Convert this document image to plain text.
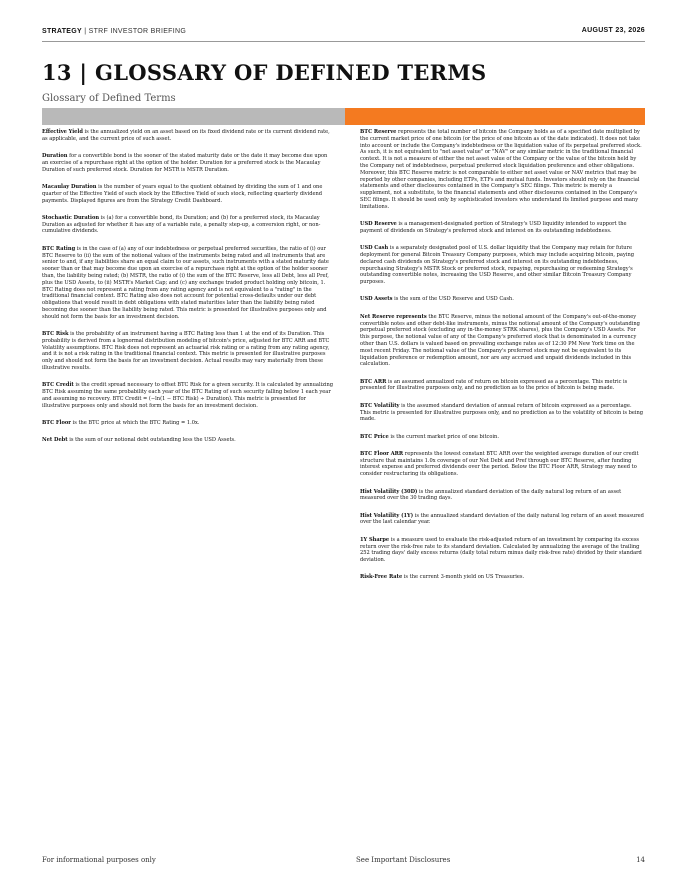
STRATEGY | STRF INVESTOR BRIEFING	AUGUST 23, 2026
13 | GLOSSARY OF DEFINED TERMS
Glossary of Defined Terms

Effective Yield is the annualized yield on an asset based on its fixed dividend rate or its current dividend rate, as applicable, and the current price of such asset.

Duration for a convertible bond is the sooner of the stated maturity date or the date it may become due upon an exercise of a repurchase right at the option of the holder. Duration for a preferred stock is the Macaulay Duration of such preferred stock. Duration for MSTR is MSTR Duration.

Macaulay Duration is the number of years equal to the quotient obtained by dividing the sum of 1 and one quarter of the Effective Yield of such stock by the Effective Yield of such stock, reflecting quarterly dividend payments. Displayed figures are from the Strategy Credit Dashboard.

Stochastic Duration is (a) for a convertible bond, its Duration; and (b) for a preferred stock, its Macaulay Duration as adjusted for whether it has any of a variable rate, a penalty step-up, a conversion right, or non-cumulative dividends.

BTC Rating is in the case of (a) any of our indebtedness or perpetual preferred securities, the ratio of (i) our BTC Reserve to (ii) the sum of the notional values of the instruments being rated and all instruments that are senior to and, if any liabilities share an equal claim to our assets, such instruments with a stated maturity date sooner than or that may become due upon an exercise of a repurchase right at the option of the holder sooner than, the liability being rated; (b) MSTR, the ratio of (i) the sum of the BTC Reserve, less all Debt, less all Pref, plus the USD Assets, to (ii) MSTR's Market Cap; and (c) any exchange traded product holding only bitcoin, 1. BTC Rating does not represent a rating from any rating agency and is not equivalent to a "rating" in the traditional financial context. BTC Rating also does not account for potential cross-defaults under our debt obligations that would result in debt obligations with stated maturities later than the liability being rated becoming due sooner than the liability being rated. This metric is presented for illustrative purposes only and should not form the basis for an investment decision.

BTC Risk is the probability of an instrument having a BTC Rating less than 1 at the end of its Duration. This probability is derived from a lognormal distribution modeling of bitcoin's price, adjusted for BTC ARR and BTC Volatility assumptions. BTC Risk does not represent an actuarial risk rating or a rating from any rating agency, and it is not a risk rating in the traditional financial context. This metric is presented for illustrative purposes only and should not form the basis for an investment decision. Actual results may vary materially from these illustrative results.

BTC Credit is the credit spread necessary to offset BTC Risk for a given security. It is calculated by annualizing BTC Risk assuming the same probability each year of the BTC Rating of such security falling below 1 each year and assuming no recovery. BTC Credit = (−ln(1 − BTC Risk) ÷ Duration). This metric is presented for illustrative purposes only and should not form the basis for an investment decision.

BTC Floor is the BTC price at which the BTC Rating = 1.0x.

Net Debt is the sum of our notional debt outstanding less the USD Assets.

BTC Reserve represents the total number of bitcoin the Company holds as of a specified date multiplied by the current market price of one bitcoin (or the price of one bitcoin as of the date indicated). It does not take into account or include the Company's indebtedness or the liquidation value of its perpetual preferred stock. As such, it is not equivalent to "net asset value" or "NAV" or any similar metric in the traditional financial context. It is not a measure of either the net asset value of the Company or the value of the bitcoin held by the Company net of indebtedness, perpetual preferred stock liquidation preference and other obligations. Moreover, this BTC Reserve metric is not comparable to either net asset value or NAV metrics that may be reported by other companies, including ETPs, ETFs and mutual funds. Investors should rely on the financial statements and other disclosures contained in the Company's SEC filings. This metric is merely a supplement, not a substitute, to the financial statements and other disclosures contained in the Company's SEC filings. It should be used only by sophisticated investors who understand its limited purpose and many limitations.

USD Reserve is a management-designated portion of Strategy's USD liquidity intended to support the payment of dividends on Strategy's preferred stock and interest on its outstanding indebtedness.

USD Cash is a separately designated pool of U.S. dollar liquidity that the Company may retain for future deployment for general Bitcoin Treasury Company purposes, which may include acquiring bitcoin, paying declared cash dividends on Strategy's preferred stock and interest on its outstanding indebtedness, repurchasing Strategy's MSTR Stock or preferred stock, repaying, repurchasing or redeeming Strategy's outstanding convertible notes, increasing the USD Reserve, and other similar Bitcoin Treasury Company purposes.

USD Assets is the sum of the USD Reserve and USD Cash.

Net Reserve represents the BTC Reserve, minus the notional amount of the Company's out-of-the-money convertible notes and other debt-like instruments, minus the notional amount of the Company's outstanding perpetual preferred stock (excluding any in-the-money STRK shares), plus the Company's USD Assets. For this purpose, the notional value of any of the Company's preferred stock that is denominated in a currency other than U.S. dollars is valued based on prevailing exchange rates as of 12:30 PM New York time on the most recent Friday. The notional value of the Company's preferred stock may not be equivalent to its liquidation preference or redemption amount, nor are any accrued and unpaid dividends included in this calculation.

BTC ARR is an assumed annualized rate of return on bitcoin expressed as a percentage. This metric is presented for illustrative purposes only, and no prediction as to the price of bitcoin is being made.

BTC Volatility is the assumed standard deviation of annual return of bitcoin expressed as a percentage. This metric is presented for illustrative purposes only, and no prediction as to the volatility of bitcoin is being made.

BTC Price is the current market price of one bitcoin.

BTC Floor ARR represents the lowest constant BTC ARR over the weighted average duration of our credit structure that maintains 1.0x coverage of our Net Debt and Pref through our BTC Reserve, after funding interest expense and preferred dividends over the period. Below the BTC Floor ARR, Strategy may need to consider restructuring its obligations.

Hist Volatility (30D) is the annualized standard deviation of the daily natural log return of an asset measured over the 30 trading days.

Hist Volatility (1Y) is the annualized standard deviation of the daily natural log return of an asset measured over the last calendar year.

1Y Sharpe is a measure used to evaluate the risk-adjusted return of an investment by comparing its excess return over the risk-free rate to its standard deviation. Calculated by annualizing the average of the trailing 252 trading days' daily excess returns (daily total return minus daily risk-free rate) divided by their standard deviation.

Risk-Free Rate is the current 3-month yield on US Treasuries.

For informational purposes only	See Important Disclosures	14
